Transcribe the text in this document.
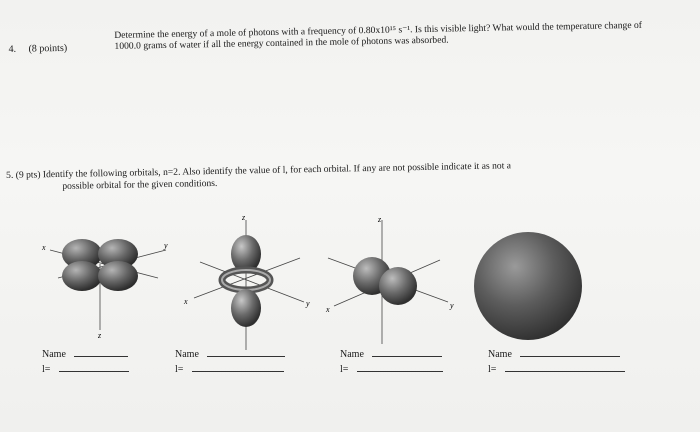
4. (8 points)
Determine the energy of a mole of photons with a frequency of 0.80x10¹⁵ s⁻¹. Is this visible light? What would the temperature change of 1000.0 grams of water if all the energy contained in the mole of photons was absorbed.
5. (9 pts) Identify the following orbitals, n=2. Also identify the value of l, for each orbital. If any are not possible indicate it as not a
possible orbital for the given conditions.
x
z
y
z
x	y
z
x	y
Name
l=
Name
l=
Name
l=
Name
l=
